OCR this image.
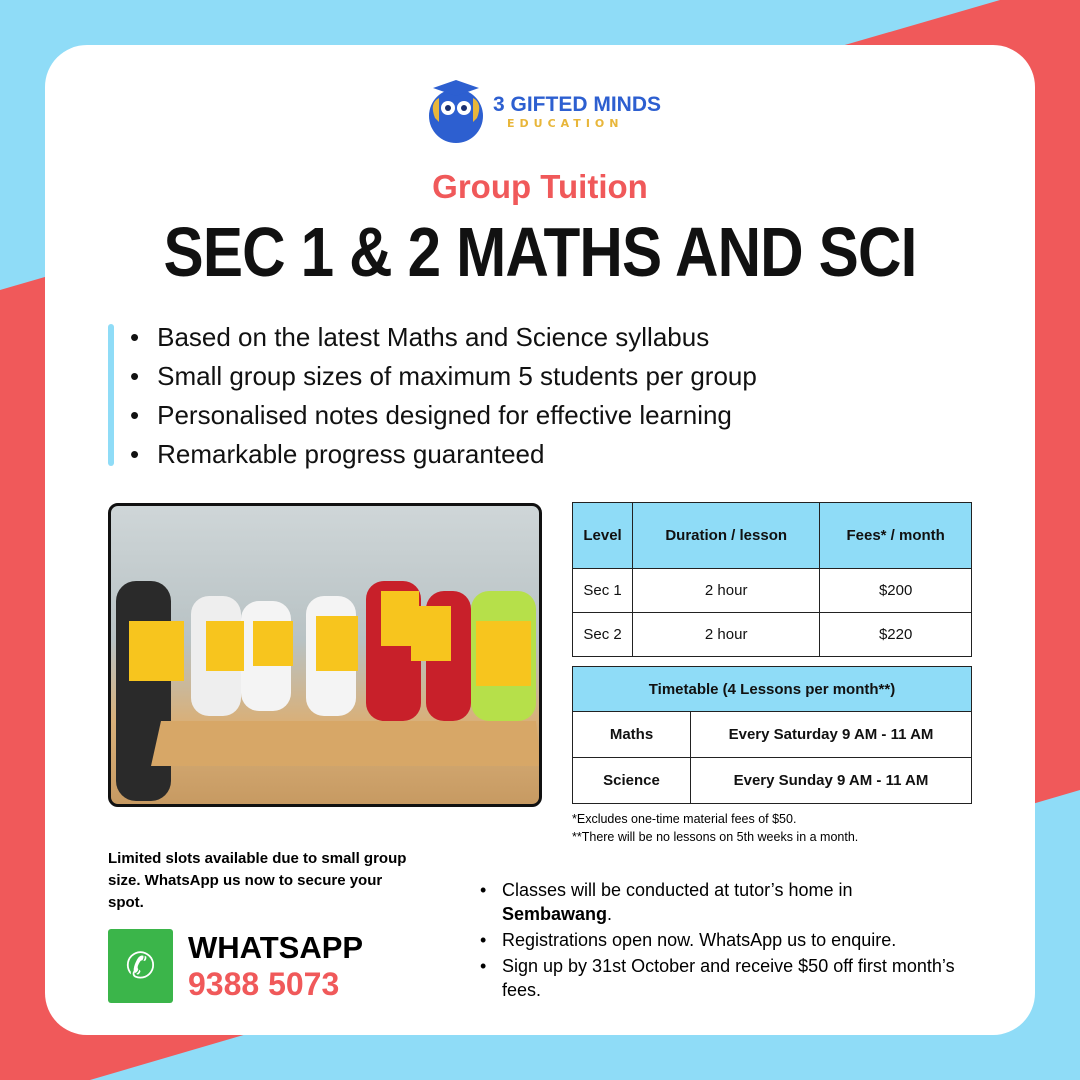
3 GIFTED MINDS
EDUCATION
Group Tuition
SEC 1 & 2 MATHS AND SCI
• Based on the latest Maths and Science syllabus
• Small group sizes of maximum 5 students per group
• Personalised notes designed for effective learning
• Remarkable progress guaranteed
Level	Duration / lesson	Fees* / month
Sec 1	2 hour	$200
Sec 2	2 hour	$220
Timetable (4 Lessons per month**)	
Maths	Every Saturday 9 AM - 11 AM
Science	Every Sunday 9 AM - 11 AM
*Excludes one-time material fees of $50.
**There will be no lessons on 5th weeks in a month.
Limited slots available due to small group size. WhatsApp us now to secure your spot.
✆	WHATSAPP
9388 5073
• Classes will be conducted at tutor’s home in Sembawang.
• Registrations open now. WhatsApp us to enquire.
• Sign up by 31st October and receive $50 off first month’s fees.
